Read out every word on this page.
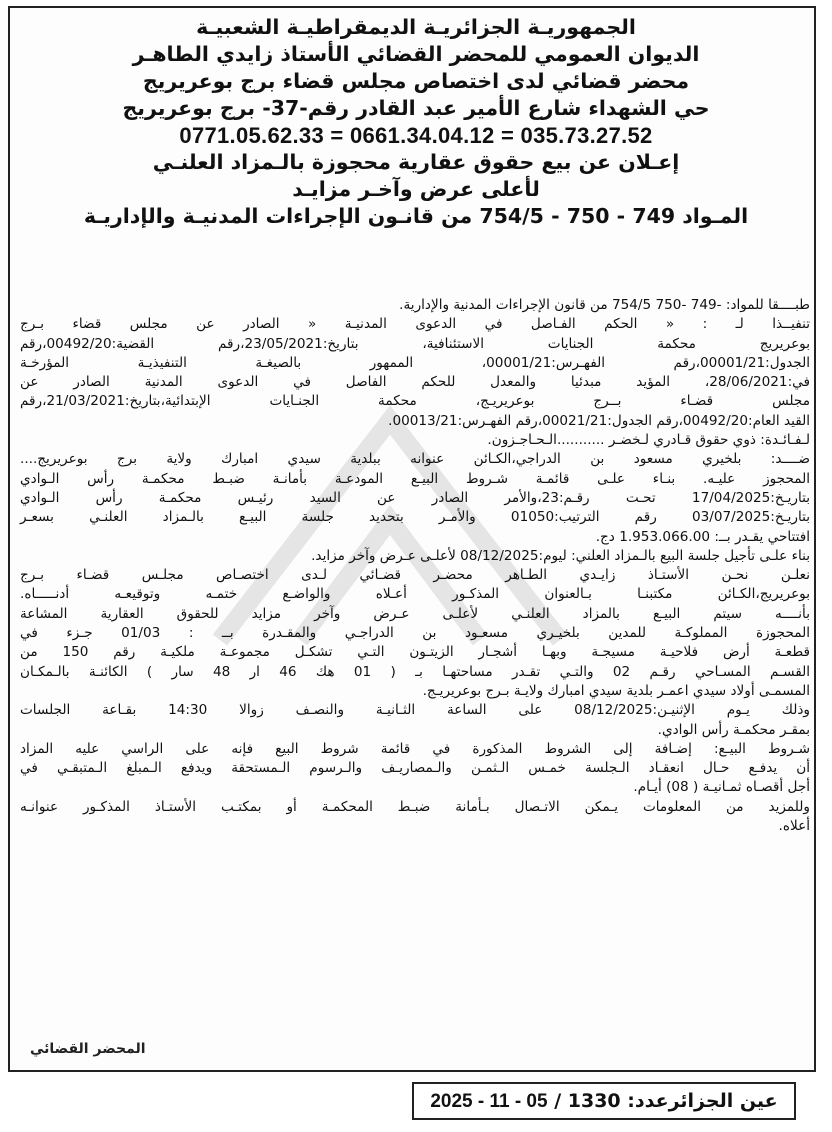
الجمهوريـة الجزائريـة الديمقراطيـة الشعبيـة
الديوان العمومي للمحضر القضائي الأستاذ زايدي الطاهـر
محضر قضائي لدى اختصاص مجلس قضاء برج بوعريريج
حي الشهداء شارع الأمير عبد القادر رقم-37- برج بوعريريج
0771.05.62.33 = 0661.34.04.12 = 035.73.27.52
إعـلان عن بيع حقوق عقارية محجوزة بالـمزاد العلنـي
لأعلى عرض وآخـر مزايـد
المـواد 749 - 750 - 754/5 من قانـون الإجراءات المدنيـة والإداريـة

طبــــقا للمواد: -749 -750 754/5 من قانون الإجراءات المدنية والإدارية.

تنفيــذا لـ : « الحكم الفـاصل في الدعوى المدنيـة « الصادر عن مجلس قضاء بـرج

بوعريريج محكمة الجنايات الاستئنافية، بتاريخ:23/05/2021،رقم القضية:00492/20،رقم

الجدول:00001/21،رقم الفهـرس:00001/21، الممهور بالصيغـة التنفيذيـة المؤرخـة

في:28/06/2021، المؤيد مبدئيا والمعدل للحكم الفاصل في الدعوى المدنية الصادر عن

مجلس قضـاء بــرج بوعريريـج، محكمة الجنـايات الإبتدائية،بتاريخ:21/03/2021،رقم

القيد العام:00492/20،رقم الجدول:00021/21،رقم الفهـرس:00013/21.

لـفـائـدة: ذوي حقوق قـادري لـخضـر ...........الـحـاجـزون.

ضــــد: بلخيري مسعود بن الدراجي،الكـائن عنوانه ببلدية سيدي امبارك ولاية برج بوعريريج....

المحجوز عليـه. بنـاء علـى قائمـة شـروط البيـع المودعـة بأمانـة ضبـط محكمـة رأس الـوادي

بتاريـخ:17/04/2025 تحـت رقـم:23،والأمر الصادر عن السيد رئيـس محكمـة رأس الـوادي

بتاريـخ:03/07/2025 رقم الترتيب:01050 والأمـر بتحديد جلسة البيـع بالـمزاد العلنـي بسعـر

افتتاحي يقـدر بــ: 1.953.066.00 دج.

بناء علـى تأجيل جلسة البيع بالـمزاد العلني: ليوم:08/12/2025 لأعلـى عـرض وآخر مزايد.

نعلـن نحـن الأستـاذ زايـدي الطـاهر محضـر قضـائي لـدى اختصـاص مجلـس قضـاء بـرج

بوعريريج،الكـائن مكتبنـا بـالعنوان المذكـور أعـلاه والواضـع ختمـه وتوقيعـه أدنـــــاه.

بأنــــه سيتم البيـع بالمزاد العلنـي لأعلـى عـرض وآخر مزايد للحقوق العقارية المشاعة

المحجوزة المملوكـة للمدين بلخيـري مسعـود بن الدراجـي والمقـدرة بــ : 01/03 جـزء في

قطعـة أرض فلاحيـة مسيجـة وبهـا أشجـار الزيتـون التـي تشكـل مجموعـة ملكيـة رقم 150 من

القسـم المسـاحي رقـم 02 والتـي تقـدر مساحتهـا بـ ( 01 هك 46 ار 48 سار ) الكائنـة بالـمكـان

المسمـى أولاد سيدي اعمـر بلدية سيدي امبارك ولايـة بـرج بوعريريـج.

وذلك يـوم الإثنيـن:08/12/2025 على الساعة الثـانيـة والنصـف زوالا 14:30 بقـاعة الجلسات

بمقـر محكمـة رأس الوادي.

شـروط البيـع: إضـافة إلى الشروط المذكورة في قائمة شروط البيع فإنه على الراسي عليه المزاد

أن يدفـع حـال انعقـاد الـجلسة خمـس الـثمـن والـمصاريـف والـرسوم الـمستحقة ويدفع الـمبلغ الـمتبقـي في

أجل أقصـاه ثمـانيـة ( 08) أيـام.

وللمزيد من المعلومات يـمكن الاتـصال بـأمانة ضبـط المحكمـة أو بمكتـب الأستـاذ المذكـور عنوانـه

أعلاه.

المحضر القضائي
عين الجزائرعدد: 1330 / 2025 - 11 - 05
